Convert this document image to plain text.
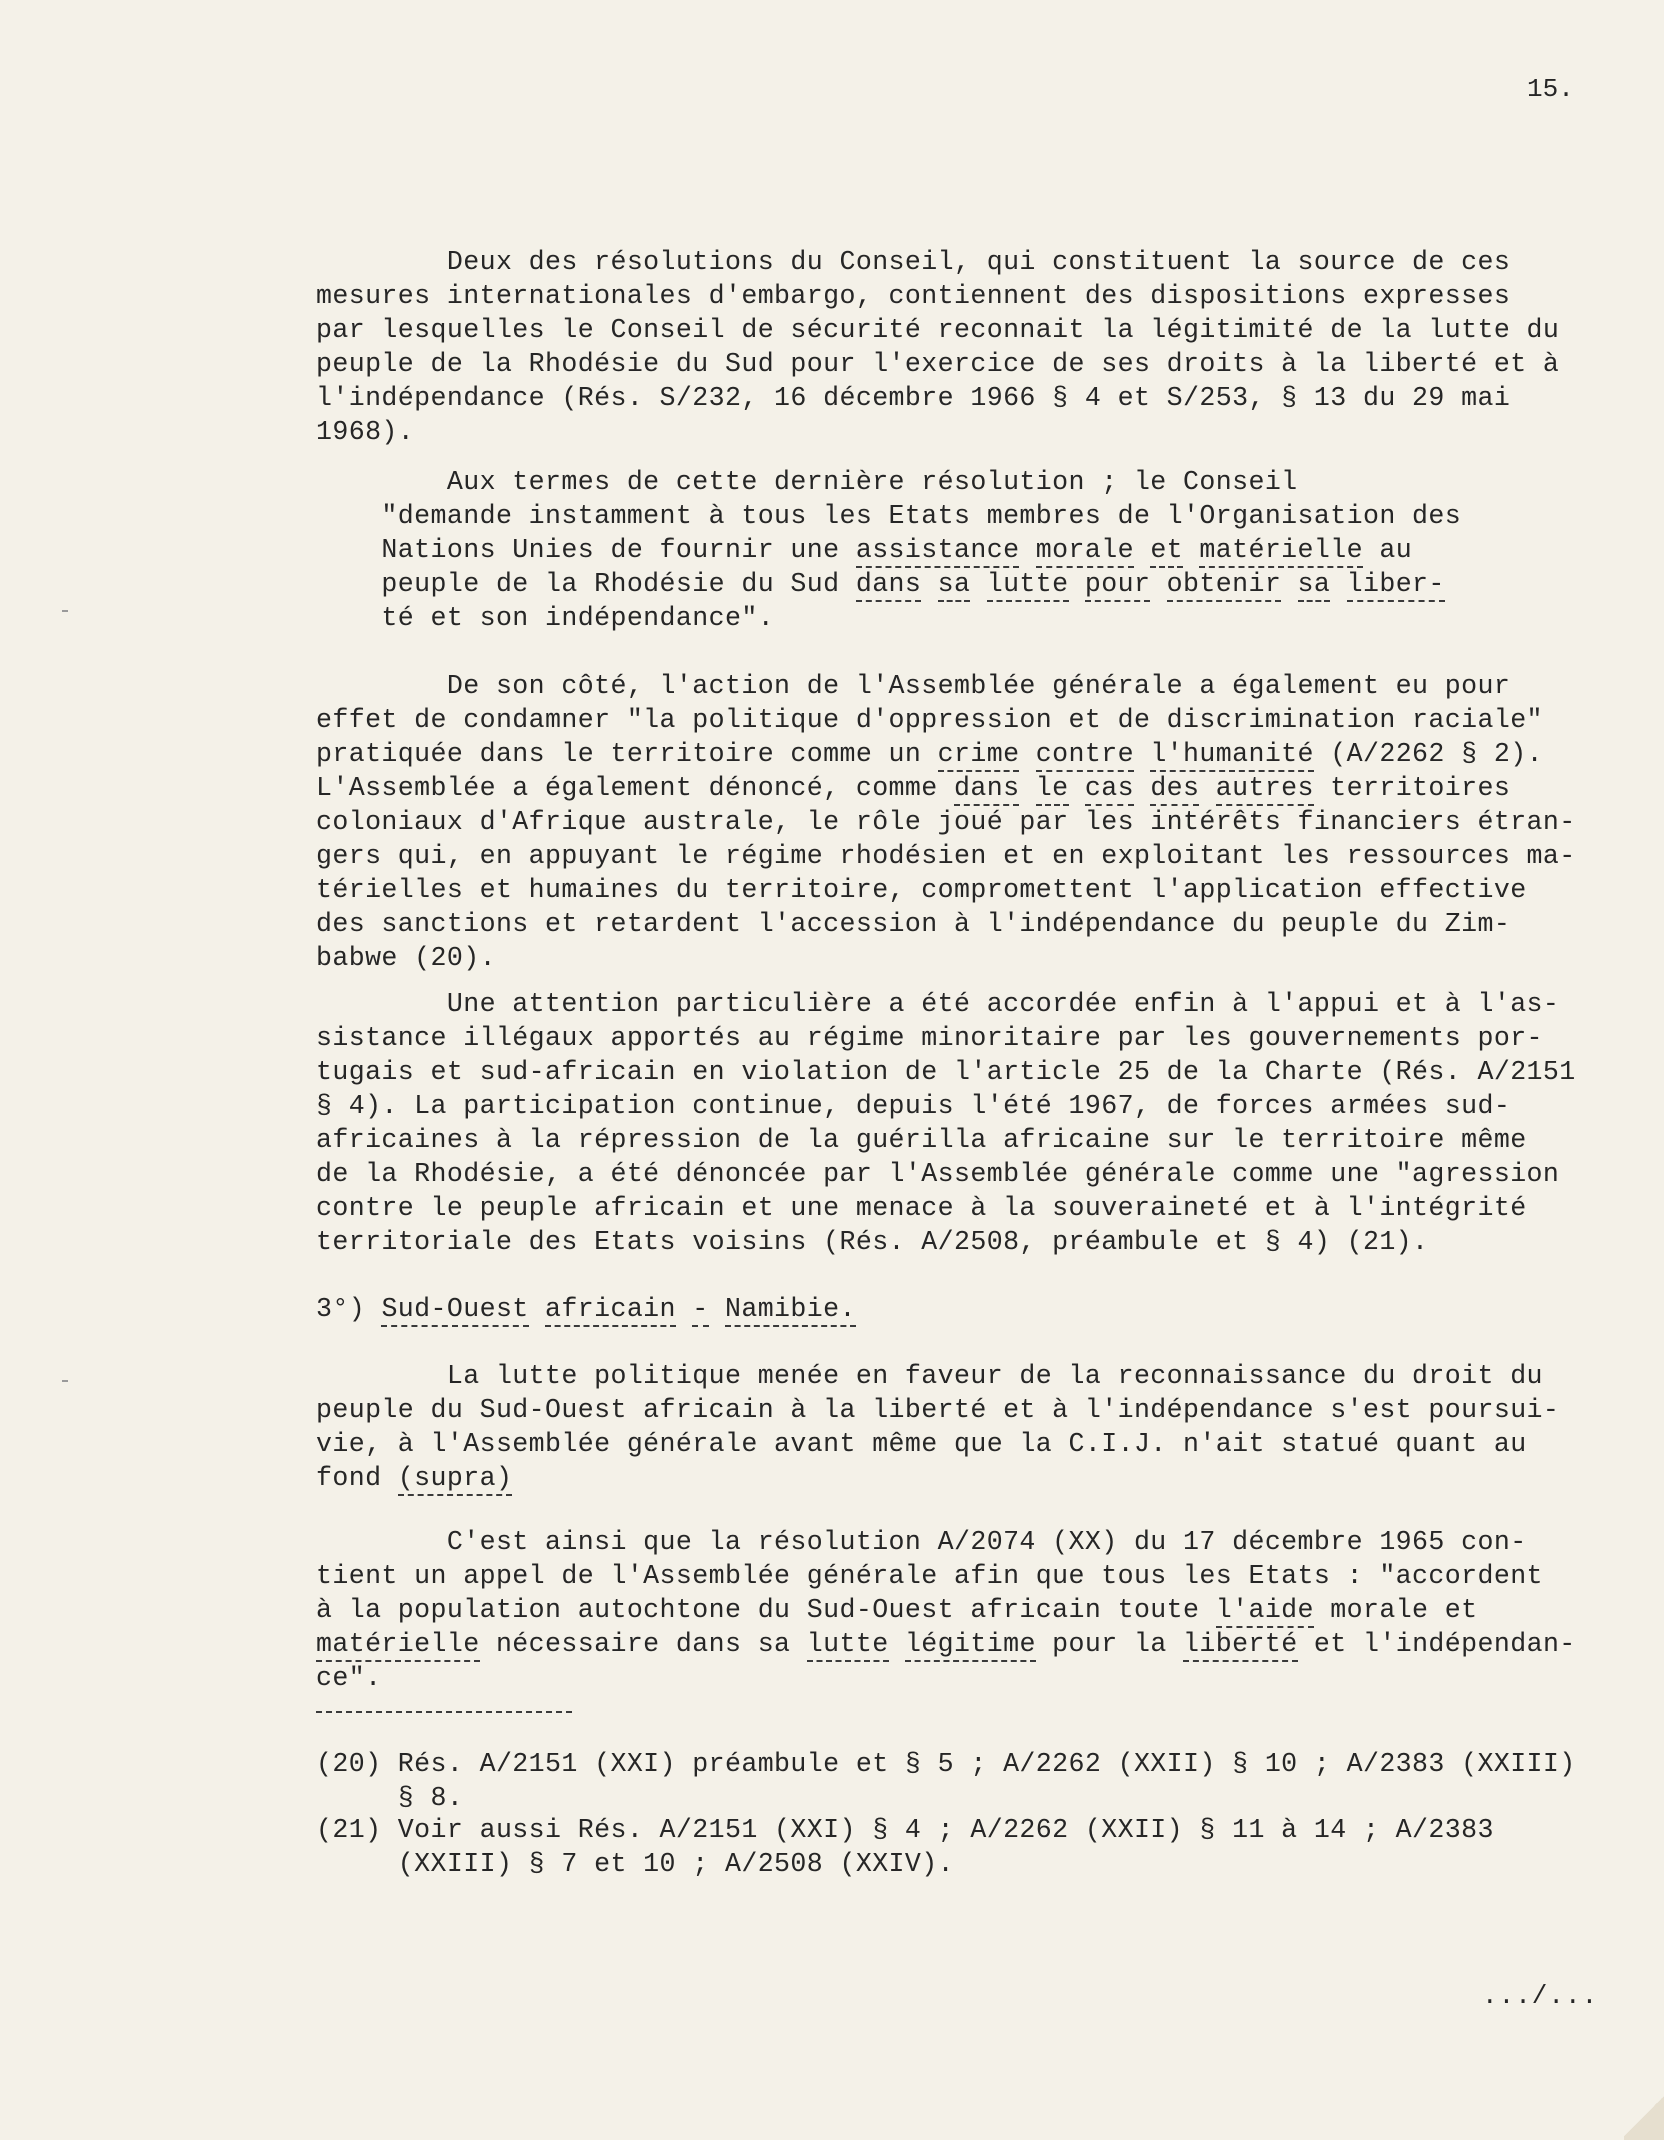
15.
Deux des résolutions du Conseil, qui constituent la source de ces
mesures internationales d'embargo, contiennent des dispositions expresses
par lesquelles le Conseil de sécurité reconnait la légitimité de la lutte du
peuple de la Rhodésie du Sud pour l'exercice de ses droits à la liberté et à
l'indépendance (Rés. S/232, 16 décembre 1966 § 4 et S/253, § 13 du 29 mai
1968).
Aux termes de cette dernière résolution ; le Conseil
"demande instamment à tous les Etats membres de l'Organisation des
Nations Unies de fournir une assistance morale et matérielle au
peuple de la Rhodésie du Sud dans sa lutte pour obtenir sa liber-
té et son indépendance".
De son côté, l'action de l'Assemblée générale a également eu pour
effet de condamner "la politique d'oppression et de discrimination raciale"
pratiquée dans le territoire comme un crime contre l'humanité (A/2262 § 2).
L'Assemblée a également dénoncé, comme dans le cas des autres territoires
coloniaux d'Afrique australe, le rôle joué par les intérêts financiers étran-
gers qui, en appuyant le régime rhodésien et en exploitant les ressources ma-
térielles et humaines du territoire, compromettent l'application effective
des sanctions et retardent l'accession à l'indépendance du peuple du Zim-
babwe (20).
Une attention particulière a été accordée enfin à l'appui et à l'as-
sistance illégaux apportés au régime minoritaire par les gouvernements por-
tugais et sud-africain en violation de l'article 25 de la Charte (Rés. A/2151
§ 4). La participation continue, depuis l'été 1967, de forces armées sud-
africaines à la répression de la guérilla africaine sur le territoire même
de la Rhodésie, a été dénoncée par l'Assemblée générale comme une "agression
contre le peuple africain et une menace à la souveraineté et à l'intégrité
territoriale des Etats voisins (Rés. A/2508, préambule et § 4) (21).
3°) Sud-Ouest africain - Namibie.
La lutte politique menée en faveur de la reconnaissance du droit du
peuple du Sud-Ouest africain à la liberté et à l'indépendance s'est poursui-
vie, à l'Assemblée générale avant même que la C.I.J. n'ait statué quant au
fond (supra)
C'est ainsi que la résolution A/2074 (XX) du 17 décembre 1965 con-
tient un appel de l'Assemblée générale afin que tous les Etats : "accordent
à la population autochtone du Sud-Ouest africain toute l'aide morale et
matérielle nécessaire dans sa lutte légitime pour la liberté et l'indépendan-
ce".
(20) Rés. A/2151 (XXI) préambule et § 5 ; A/2262 (XXII) § 10 ; A/2383 (XXIII)
§ 8.
(21) Voir aussi Rés. A/2151 (XXI) § 4 ; A/2262 (XXII) § 11 à 14 ; A/2383
(XXIII) § 7 et 10 ; A/2508 (XXIV).
.../...
